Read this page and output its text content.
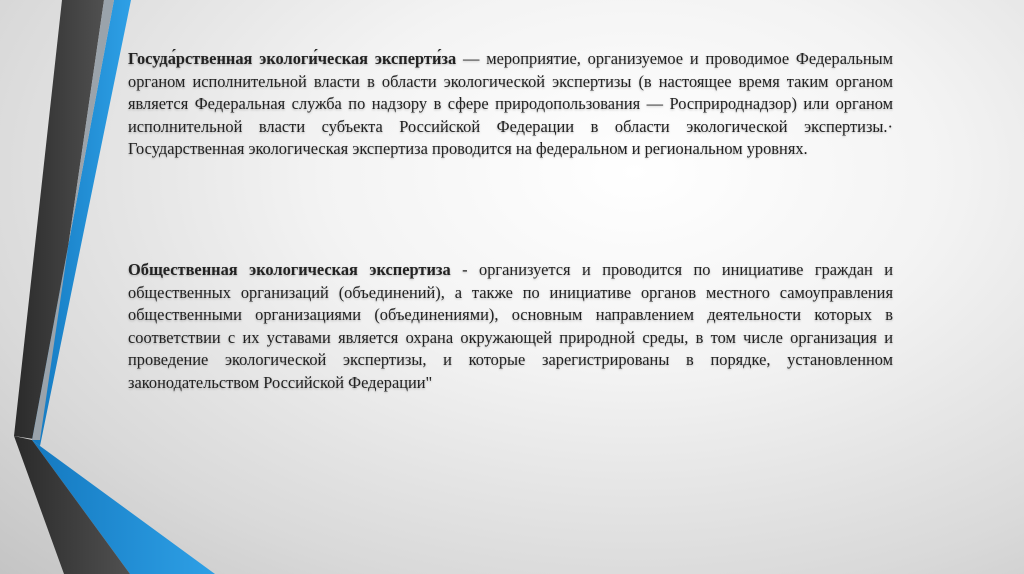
Госуда́рственная экологи́ческая эксперти́за — мероприятие, организуемое и проводимое Федеральным органом исполнительной власти в области экологической экспертизы (в настоящее время таким органом является Федеральная служба по надзору в сфере природопользования — Росприроднадзор) или органом исполнительной власти субъекта Российской Федерации в области экологической экспертизы.· Государственная экологическая экспертиза проводится на федеральном и региональном уровнях.
Общественная экологическая экспертиза - организуется и проводится по инициативе граждан и общественных организаций (объединений), а также по инициативе органов местного самоуправления общественными организациями (объединениями), основным направлением деятельности которых в соответствии с их уставами является охрана окружающей природной среды, в том числе организация и проведение экологической экспертизы, и которые зарегистрированы в порядке, установленном законодательством Российской Федерации"
